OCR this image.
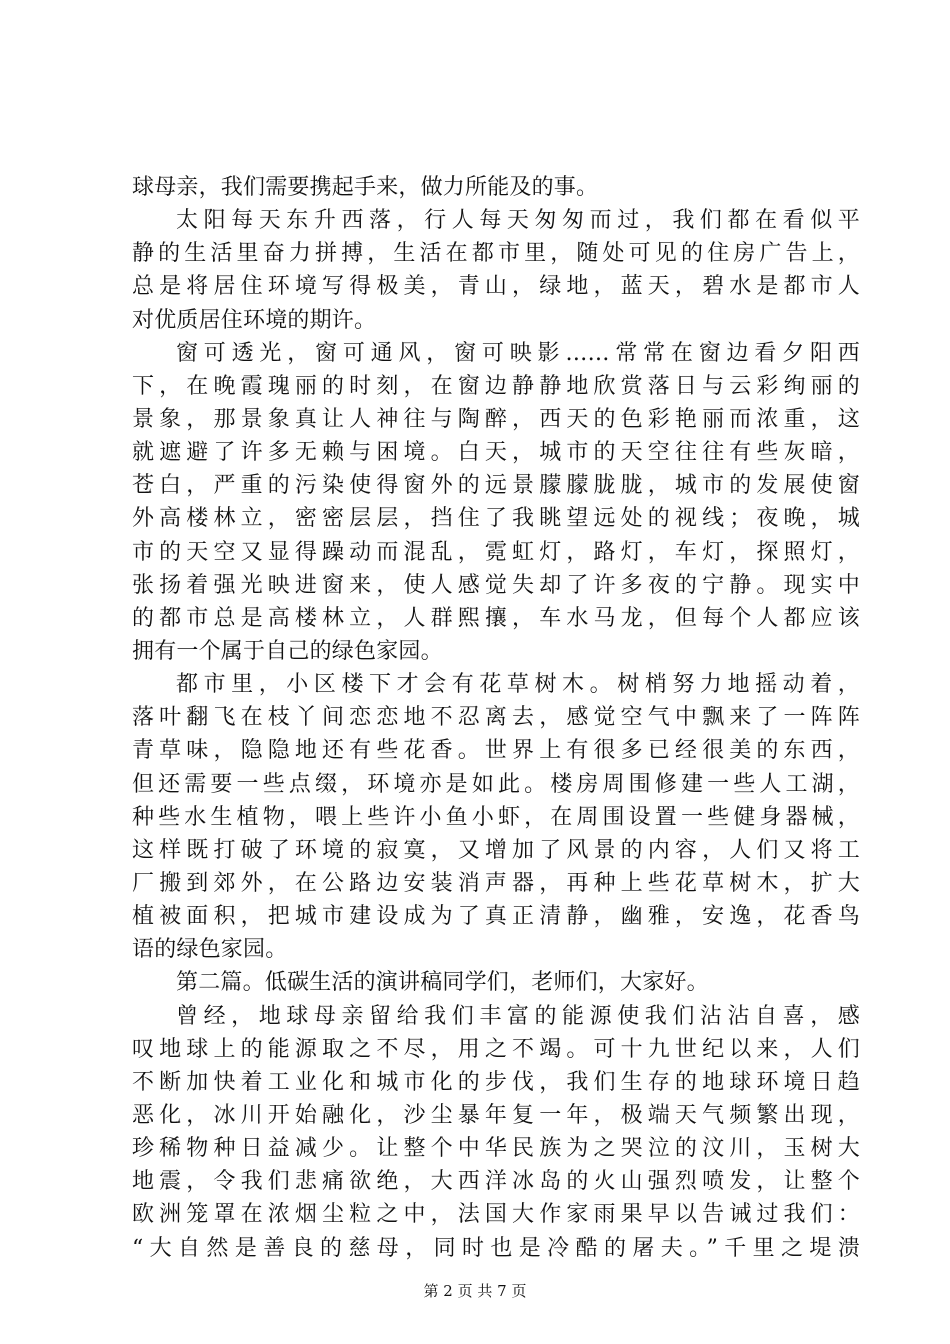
球母亲，我们需要携起手来，做力所能及的事。
太阳每天东升西落，行人每天匆匆而过，我们都在看似平
静的生活里奋力拼搏，生活在都市里，随处可见的住房广告上，
总是将居住环境写得极美，青山，绿地，蓝天，碧水是都市人
对优质居住环境的期许。
窗可透光，窗可通风，窗可映影……常常在窗边看夕阳西
下，在晚霞瑰丽的时刻，在窗边静静地欣赏落日与云彩绚丽的
景象，那景象真让人神往与陶醉，西天的色彩艳丽而浓重，这
就遮避了许多无赖与困境。白天，城市的天空往往有些灰暗，
苍白，严重的污染使得窗外的远景朦朦胧胧，城市的发展使窗
外高楼林立，密密层层，挡住了我眺望远处的视线；夜晚，城
市的天空又显得躁动而混乱，霓虹灯，路灯，车灯，探照灯，
张扬着强光映进窗来，使人感觉失却了许多夜的宁静。现实中
的都市总是高楼林立，人群熙攘，车水马龙，但每个人都应该
拥有一个属于自己的绿色家园。
都市里，小区楼下才会有花草树木。树梢努力地摇动着，
落叶翻飞在枝丫间恋恋地不忍离去，感觉空气中飘来了一阵阵
青草味，隐隐地还有些花香。世界上有很多已经很美的东西，
但还需要一些点缀，环境亦是如此。楼房周围修建一些人工湖，
种些水生植物，喂上些许小鱼小虾，在周围设置一些健身器械，
这样既打破了环境的寂寞，又增加了风景的内容，人们又将工
厂搬到郊外，在公路边安装消声器，再种上些花草树木，扩大
植被面积，把城市建设成为了真正清静，幽雅，安逸，花香鸟
语的绿色家园。
第二篇。低碳生活的演讲稿同学们，老师们，大家好。
曾经，地球母亲留给我们丰富的能源使我们沾沾自喜，感
叹地球上的能源取之不尽，用之不竭。可十九世纪以来，人们
不断加快着工业化和城市化的步伐，我们生存的地球环境日趋
恶化，冰川开始融化，沙尘暴年复一年，极端天气频繁出现，
珍稀物种日益减少。让整个中华民族为之哭泣的汶川，玉树大
地震，令我们悲痛欲绝，大西洋冰岛的火山强烈喷发，让整个
欧洲笼罩在浓烟尘粒之中，法国大作家雨果早以告诫过我们：
“大自然是善良的慈母，同时也是冷酷的屠夫。”千里之堤溃
第 2 页 共 7 页
